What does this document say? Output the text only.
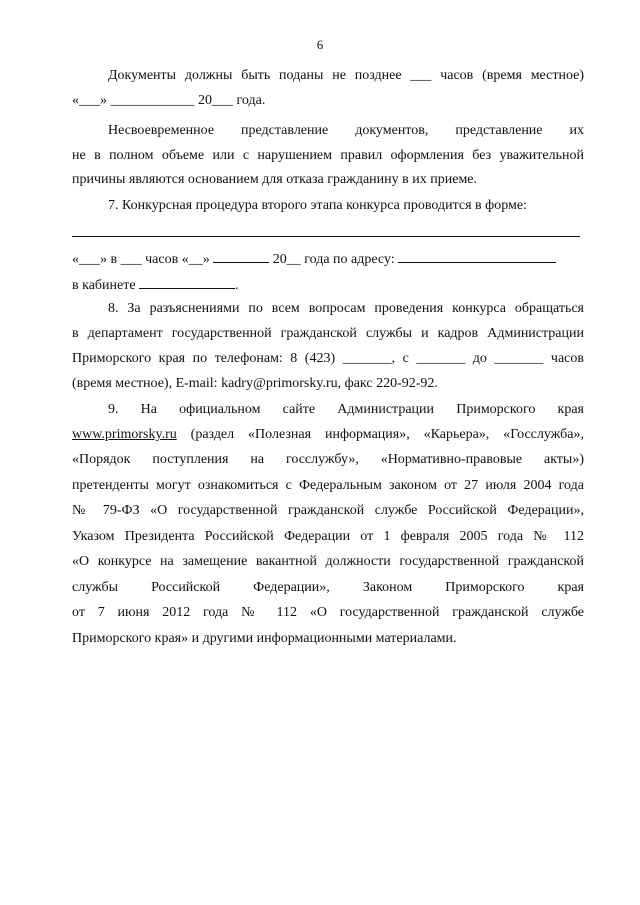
6
Документы должны быть поданы не позднее ___ часов (время местное)
«___» ____________ 20___ года.
Несвоевременное представление документов, представление их
не в полном объеме или с нарушением правил оформления без уважительной
причины являются основанием для отказа гражданину в их приеме.
7. Конкурсная процедура второго этапа конкурса проводится в форме:
«___» в ___ часов «__»	20__ года по адресу:
в кабинете	.
8. За разъяснениями по всем вопросам проведения конкурса обращаться
в департамент государственной гражданской службы и кадров Администрации
Приморского края по телефонам: 8 (423) _______, с _______ до _______ часов
(время местное), E-mail: kadry@primorsky.ru, факс 220-92-92.
9. На официальном сайте Администрации Приморского края
www.primorsky.ru (раздел «Полезная информация», «Карьера», «Госслужба»,
«Порядок поступления на госслужбу», «Нормативно-правовые акты»)
претенденты могут ознакомиться с Федеральным законом от 27 июля 2004 года
№ 79-ФЗ «О государственной гражданской службе Российской Федерации»,
Указом Президента Российской Федерации от 1 февраля 2005 года № 112
«О конкурсе на замещение вакантной должности государственной гражданской
службы Российской Федерации», Законом Приморского края
от 7 июня 2012 года № 112 «О государственной гражданской службе
Приморского края» и другими информационными материалами.
